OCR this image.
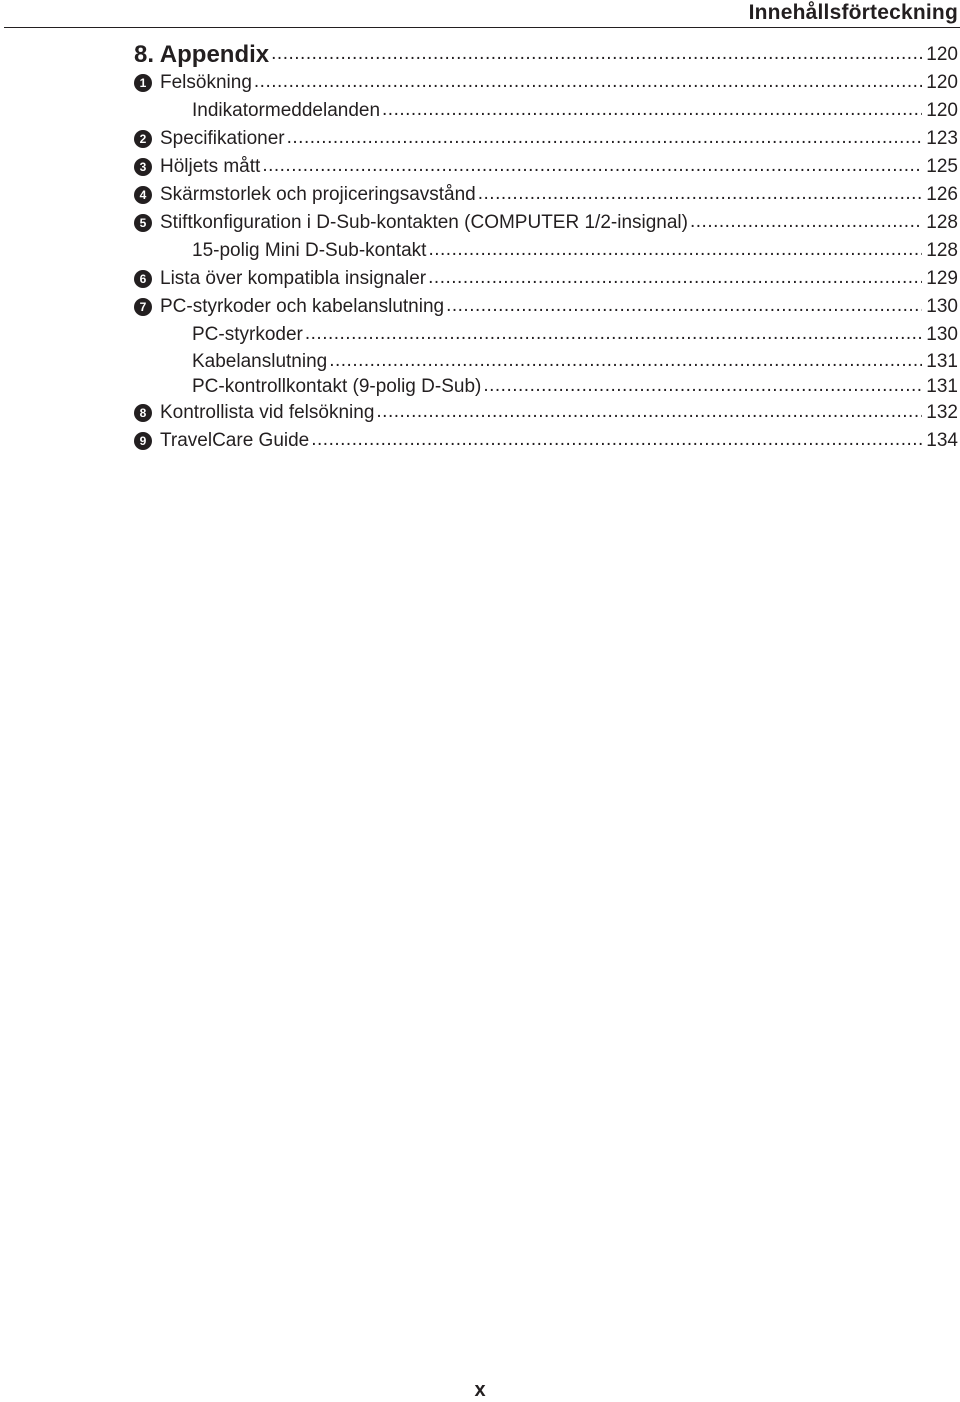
Innehållsförteckning
8. Appendix .....	120
1 Felsökning .....	120
Indikatormeddelanden .....	120
2 Specifikationer .....	123
3 Höljets mått .....	125
4 Skärmstorlek och projiceringsavstånd .....	126
5 Stiftkonfiguration i D-Sub-kontakten (COMPUTER 1/2-insignal) .....	128
15-polig Mini D-Sub-kontakt .....	128
6 Lista över kompatibla insignaler .....	129
7 PC-styrkoder och kabelanslutning .....	130
PC-styrkoder .....	130
Kabelanslutning .....	131
PC-kontrollkontakt (9-polig D-Sub) .....	131
8 Kontrollista vid felsökning .....	132
9 TravelCare Guide .....	134
x
